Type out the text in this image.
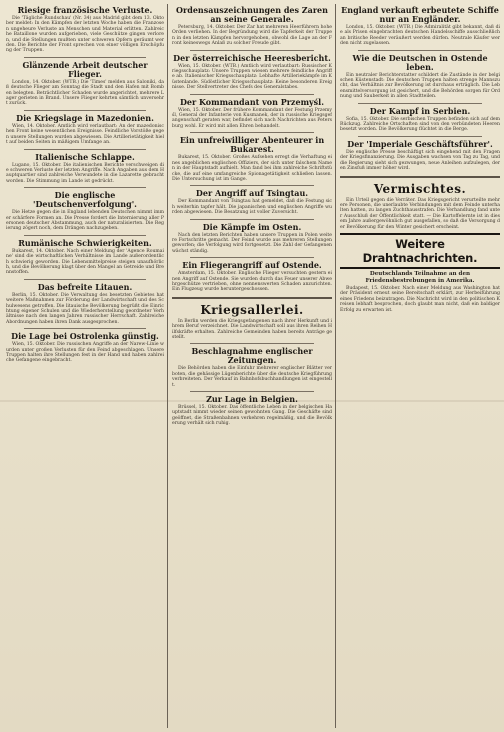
Riesige französische Verluste.

Die 'Tägliche Rundschau' (Nr. 34) aus Madrid gibt dem 13. Oktober meldet: In den Kämpfen der letzten Woche haben die Franzosen ungeheure Verluste an Menschen und Material erlitten. Zahlreiche Bataillone wurden aufgerieben, viele Geschütze gingen verloren, und die Stellungen mußten unter schweren Opfern geräumt werden. Die Berichte der Front sprechen von einer völligen Erschöpfung der Truppen.

Glänzende Arbeit deutscher Flieger.

London, 14. Oktober. (WTB.) Die 'Times' melden aus Saloniki, daß deutsche Flieger am Sonntag die Stadt und den Hafen mit Bomben belegten. Beträchtlicher Schaden wurde angerichtet, mehrere Lager gerieten in Brand. Unsere Flieger kehrten sämtlich unversehrt zurück.

Die Kriegslage in Mazedonien.

Wien, 14. Oktober. Amtlich wird verlautbart: An der mazedonischen Front keine wesentlichen Ereignisse. Feindliche Vorstöße gegen unsere Stellungen wurden abgewiesen. Die Artillerietätigkeit hielt auf beiden Seiten in mäßigem Umfange an.

Italienische Schlappe.

Lugano, 15. Oktober. Die italienischen Berichte verschweigen die schweren Verluste der letzten Angriffe. Nach Angaben aus dem Hauptquartier sind zahlreiche Verwundete in die Lazarette gebracht worden. Die Stimmung im Lande ist gedrückt.

Die englische 'Deutschenverfolgung'.

Die Hetze gegen die in England lebenden Deutschen nimmt immer schärfere Formen an. Die Presse fordert die Internierung aller Personen deutscher Abstammung, auch der naturalisierten. Die Regierung zögert noch, dem Drängen nachzugeben.

Rumänische Schwierigkeiten.

Bukarest, 14. Oktober. Nach einer Meldung der 'Agence Roumaine' sind die wirtschaftlichen Verhältnisse im Lande außerordentlich schwierig geworden. Die Lebensmittelpreise steigen unaufhörlich, und die Bevölkerung klagt über den Mangel an Getreide und Brennstoffen.

Das befreite Litauen.

Berlin, 15. Oktober. Die Verwaltung des besetzten Gebietes hat weitere Maßnahmen zur Förderung der Landwirtschaft und des Schulwesens getroffen. Die litauische Bevölkerung begrüßt die Einrichtung eigener Schulen und die Wiederherstellung geordneter Verhältnisse nach den langen Jahren russischer Herrschaft. Zahlreiche Abordnungen haben ihren Dank ausgesprochen.

Die Lage bei Ostrolenka günstig.

Wien, 15. Oktober. Die russischen Angriffe an der Narew-Linie wurden unter großen Verlusten für den Feind abgeschlagen. Unsere Truppen halten ihre Stellungen fest in der Hand und haben zahlreiche Gefangene eingebracht.

Ordensauszeichnungen des Zaren an seine Generale.

Petersburg, 14. Oktober. Der Zar hat mehreren Heerführern hohe Orden verliehen. In der Begründung wird die Tapferkeit der Truppen in den letzten Kämpfen hervorgehoben, obwohl die Lage an der Front keineswegs Anlaß zu solcher Freude gibt.

Der österreichische Heeresbericht.

Wien, 15. Oktober. (WTB.) Amtlich wird verlautbart: Russischer Kriegsschauplatz: Unsere Truppen wiesen mehrere feindliche Angriffe ab. Italienischer Kriegsschauplatz: Lebhafte Artilleriekämpfe im Küstenlande. Südöstlicher Kriegsschauplatz: Keine besonderen Ereignisse. Der Stellvertreter des Chefs des Generalstabes.

Der Kommandant von Przemyśl.

Wien, 15. Oktober. Der frühere Kommandant der Festung Przemyśl, General der Infanterie von Kusmanek, der in russische Kriegsgefangenschaft geraten war, befindet sich nach Nachrichten aus Petersburg wohl. Er wird mit allen Ehren behandelt.

Ein unfreiwilliger Abenteurer in Bukarest.

Bukarest, 15. Oktober. Großes Aufsehen erregt die Verhaftung eines angeblichen englischen Offiziers, der sich unter falschem Namen in der Hauptstadt aufhielt. Man fand bei ihm zahlreiche Schriftstücke, die auf eine umfangreiche Spionagetätigkeit schließen lassen. Die Untersuchung ist im Gange.

Der Angriff auf Tsingtau.

Der Kommandant von Tsingtau hat gemeldet, daß die Festung sich weiterhin tapfer hält. Die japanischen und englischen Angriffe wurden abgewiesen. Die Besatzung ist voller Zuversicht.

Die Kämpfe im Osten.

Nach den letzten Berichten haben unsere Truppen in Polen weitere Fortschritte gemacht. Der Feind wurde aus mehreren Stellungen geworfen; die Verfolgung wird fortgesetzt. Die Zahl der Gefangenen wächst ständig.

Ein Fliegerangriff auf Ostende.

Amsterdam, 15. Oktober. Englische Flieger versuchten gestern einen Angriff auf Ostende. Sie wurden durch das Feuer unserer Abwehrgeschütze vertrieben, ohne nennenswerten Schaden anzurichten. Ein Flugzeug wurde heruntergeschossen.

Kriegsallerlei.

In Berlin werden die Kriegsgefangenen nach ihrer Herkunft und ihrem Beruf verzeichnet. Die Landwirtschaft soll aus ihren Reihen Hilfskräfte erhalten. Zahlreiche Gemeinden haben bereits Anträge gestellt.

Beschlagnahme englischer Zeitungen.

Die Behörden haben die Einfuhr mehrerer englischer Blätter verboten, die gehässige Lügenberichte über die deutsche Kriegführung verbreiteten. Der Verkauf in Bahnhofsbuchhandlungen ist eingestellt.

Zur Lage in Belgien.

Brüssel, 15. Oktober. Das öffentliche Leben in der belgischen Hauptstadt nimmt wieder seinen gewohnten Gang. Die Geschäfte sind geöffnet, die Straßenbahnen verkehren regelmäßig, und die Bevölkerung verhält sich ruhig.

England verkauft erbeutete Schiffe nur an Engländer.

London, 15. Oktober. (WTB.) Die Admiralität gibt bekannt, daß die als Prisen eingebrachten deutschen Handelsschiffe ausschließlich an britische Reeder veräußert werden dürfen. Neutrale Käufer werden nicht zugelassen.

Wie die Deutschen in Ostende leben.

Ein neutraler Berichterstatter schildert die Zustände in der belgischen Küstenstadt: Die deutschen Truppen halten strenge Mannszucht, das Verhältnis zur Bevölkerung ist durchaus erträglich. Die Lebensmittelversorgung ist gesichert, und die Behörden sorgen für Ordnung und Sauberkeit in allen Stadtteilen.

Der Kampf in Serbien.

Sofia, 15. Oktober. Die serbischen Truppen befinden sich auf dem Rückzug. Zahlreiche Ortschaften sind von den verbündeten Heeren besetzt worden. Die Bevölkerung flüchtet in die Berge.

Der 'Imperiale Geschäftsführer'.

Die englische Presse beschäftigt sich eingehend mit den Fragen der Kriegsfinanzierung. Die Ausgaben wachsen von Tag zu Tag, und die Regierung sieht sich gezwungen, neue Anleihen aufzulegen, deren Zinsfuß immer höher wird.

Vermischtes.

Ein Urteil gegen die Verräter. Das Kriegsgericht verurteilte mehrere Personen, die unerlaubte Verbindungen mit dem Feinde unterhalten hatten, zu langen Zuchthausstrafen. Die Verhandlung fand unter Ausschluß der Öffentlichkeit statt. — Die Kartoffelernte ist in diesem Jahre außergewöhnlich gut ausgefallen, so daß die Versorgung der Bevölkerung für den Winter gesichert erscheint.

Weitere Drahtnachrichten.
Deutschlands Teilnahme an den Friedensbestrebungen in Amerika.

Budapest, 15. Oktober. Nach einer Meldung aus Washington hat der Präsident erneut seine Bereitschaft erklärt, zur Herbeiführung eines Friedens beizutragen. Die Nachricht wird in den politischen Kreisen lebhaft besprochen, doch glaubt man nicht, daß ein baldiger Erfolg zu erwarten ist.
